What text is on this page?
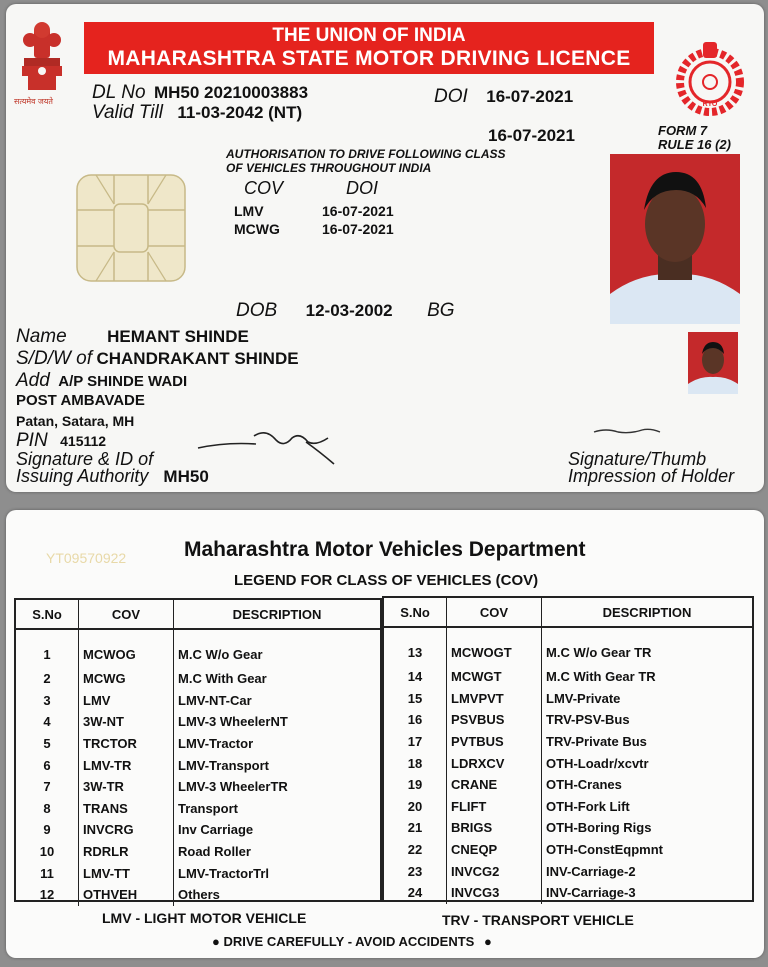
सत्यमेव जयते
THE UNION OF INDIA
MAHARASHTRA STATE MOTOR DRIVING LICENCE
RTO
DL No MH50 20210003883
Valid Till 11-03-2042 (NT)
DOI 16-07-2021
16-07-2021	FORM 7
RULE 16 (2)
AUTHORISATION TO DRIVE FOLLOWING CLASS
OF VEHICLES THROUGHOUT INDIA
COV	DOI
LMV	16-07-2021
MCWG	16-07-2021
DOB 12-03-2002 BG
Name HEMANT SHINDE
S/D/W of CHANDRAKANT SHINDE
Add A/P SHINDE WADI
POST AMBAVADE
Patan, Satara, MH
PIN 415112
Signature & ID of
Issuing Authority MH50
Signature/Thumb
Impression of Holder
YT09570922	Maharashtra Motor Vehicles Department
LEGEND FOR CLASS OF VEHICLES (COV)
S.No	COV	DESCRIPTION
1	MCWOG	M.C W/o Gear
2	MCWG	M.C With Gear
3	LMV	LMV-NT-Car
4	3W-NT	LMV-3 WheelerNT
5	TRCTOR	LMV-Tractor
6	LMV-TR	LMV-Transport
7	3W-TR	LMV-3 WheelerTR
8	TRANS	Transport
9	INVCRG	Inv Carriage
10	RDRLR	Road Roller
11	LMV-TT	LMV-TractorTrl
12	OTHVEH	Others
S.No	COV	DESCRIPTION
13	MCWOGT	M.C W/o Gear TR
14	MCWGT	M.C With Gear TR
15	LMVPVT	LMV-Private
16	PSVBUS	TRV-PSV-Bus
17	PVTBUS	TRV-Private Bus
18	LDRXCV	OTH-Loadr/xcvtr
19	CRANE	OTH-Cranes
20	FLIFT	OTH-Fork Lift
21	BRIGS	OTH-Boring Rigs
22	CNEQP	OTH-ConstEqpmnt
23	INVCG2	INV-Carriage-2
24	INVCG3	INV-Carriage-3
LMV - LIGHT MOTOR VEHICLE	TRV - TRANSPORT VEHICLE
● DRIVE CAREFULLY - AVOID ACCIDENTS ●
